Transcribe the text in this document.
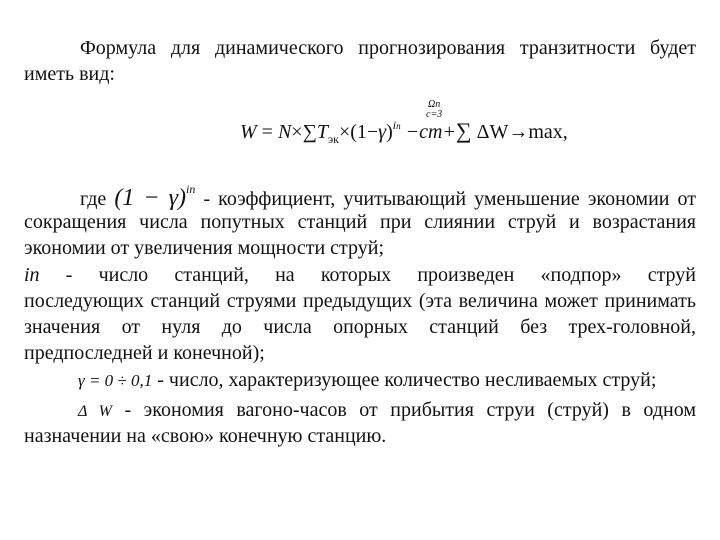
Формула для динамического прогнозирования транзитности будет
иметь вид:
$W = N\times\sum T_{эк}\times(1-\gamma)^{iп} -cm+\sum$ ΔW→max,
Ωп
с=3
где $(1 - \gamma)^{iп}$ - коэффициент, учитывающий уменьшение экономии от
сокращения числа попутных станций при слиянии струй и возрастания
экономии от увеличения мощности струй;
iп - число станций, на которых произведен «подпор» струй
последующих станций струями предыдущих (эта величина может принимать
значения от нуля до числа опорных станций без трех-головной,
предпоследней и конечной);
γ = 0 ÷ 0,1 - число, характеризующее количество несливаемых струй;
Δ W - экономия вагоно-часов от прибытия струи (струй) в одном
назначении на «свою» конечную станцию.
